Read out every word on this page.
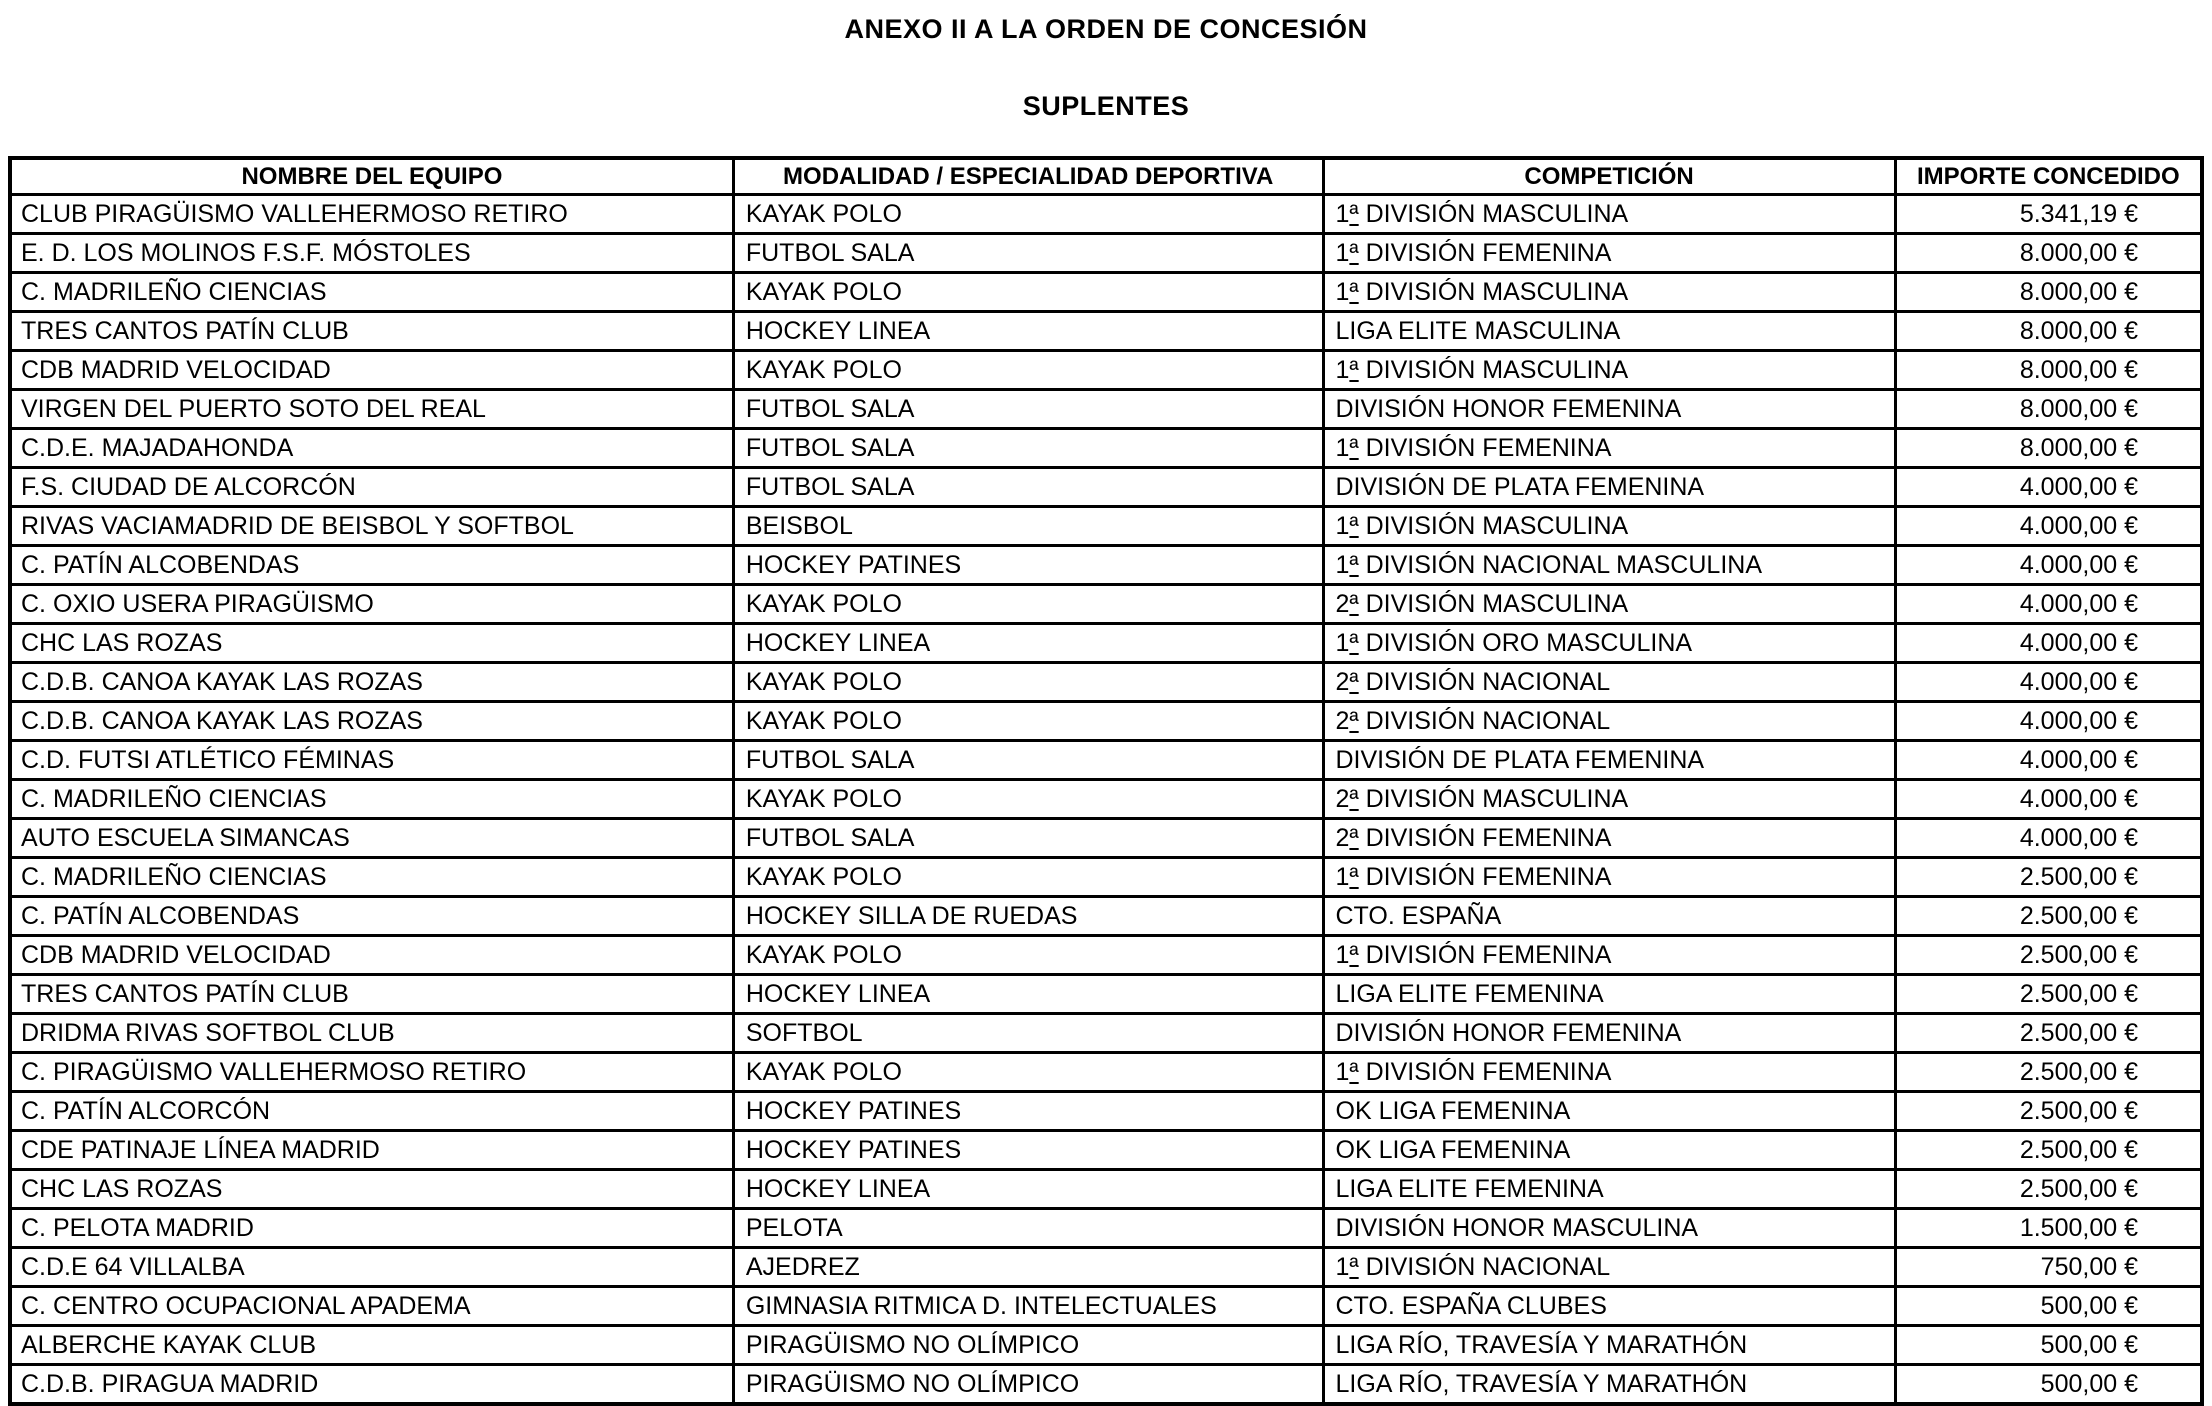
ANEXO II A LA ORDEN DE CONCESIÓN
SUPLENTES
NOMBRE DEL EQUIPO	MODALIDAD / ESPECIALIDAD DEPORTIVA	COMPETICIÓN	IMPORTE CONCEDIDO
CLUB PIRAGÜISMO VALLEHERMOSO RETIRO	KAYAK POLO	1ª DIVISIÓN MASCULINA	5.341,19 €
E. D. LOS MOLINOS F.S.F. MÓSTOLES	FUTBOL SALA	1ª DIVISIÓN FEMENINA	8.000,00 €
C. MADRILEÑO CIENCIAS	KAYAK POLO	1ª DIVISIÓN MASCULINA	8.000,00 €
TRES CANTOS PATÍN CLUB	HOCKEY LINEA	LIGA ELITE MASCULINA	8.000,00 €
CDB MADRID VELOCIDAD	KAYAK POLO	1ª DIVISIÓN MASCULINA	8.000,00 €
VIRGEN DEL PUERTO SOTO DEL REAL	FUTBOL SALA	DIVISIÓN HONOR FEMENINA	8.000,00 €
C.D.E. MAJADAHONDA	FUTBOL SALA	1ª DIVISIÓN FEMENINA	8.000,00 €
F.S. CIUDAD DE ALCORCÓN	FUTBOL SALA	DIVISIÓN DE PLATA FEMENINA	4.000,00 €
RIVAS VACIAMADRID DE BEISBOL Y SOFTBOL	BEISBOL	1ª DIVISIÓN MASCULINA	4.000,00 €
C. PATÍN ALCOBENDAS	HOCKEY PATINES	1ª DIVISIÓN NACIONAL MASCULINA	4.000,00 €
C. OXIO USERA PIRAGÜISMO	KAYAK POLO	2ª DIVISIÓN MASCULINA	4.000,00 €
CHC LAS ROZAS	HOCKEY LINEA	1ª DIVISIÓN ORO MASCULINA	4.000,00 €
C.D.B. CANOA KAYAK LAS ROZAS	KAYAK POLO	2ª DIVISIÓN NACIONAL	4.000,00 €
C.D.B. CANOA KAYAK LAS ROZAS	KAYAK POLO	2ª DIVISIÓN NACIONAL	4.000,00 €
C.D. FUTSI ATLÉTICO FÉMINAS	FUTBOL SALA	DIVISIÓN DE PLATA FEMENINA	4.000,00 €
C. MADRILEÑO CIENCIAS	KAYAK POLO	2ª DIVISIÓN MASCULINA	4.000,00 €
AUTO ESCUELA SIMANCAS	FUTBOL SALA	2ª DIVISIÓN FEMENINA	4.000,00 €
C. MADRILEÑO CIENCIAS	KAYAK POLO	1ª DIVISIÓN FEMENINA	2.500,00 €
C. PATÍN ALCOBENDAS	HOCKEY SILLA DE RUEDAS	CTO. ESPAÑA	2.500,00 €
CDB MADRID VELOCIDAD	KAYAK POLO	1ª DIVISIÓN FEMENINA	2.500,00 €
TRES CANTOS PATÍN CLUB	HOCKEY LINEA	LIGA ELITE FEMENINA	2.500,00 €
DRIDMA RIVAS SOFTBOL CLUB	SOFTBOL	DIVISIÓN HONOR FEMENINA	2.500,00 €
C. PIRAGÜISMO VALLEHERMOSO RETIRO	KAYAK POLO	1ª DIVISIÓN FEMENINA	2.500,00 €
C. PATÍN ALCORCÓN	HOCKEY PATINES	OK LIGA FEMENINA	2.500,00 €
CDE PATINAJE LÍNEA MADRID	HOCKEY PATINES	OK LIGA FEMENINA	2.500,00 €
CHC LAS ROZAS	HOCKEY LINEA	LIGA ELITE FEMENINA	2.500,00 €
C. PELOTA MADRID	PELOTA	DIVISIÓN HONOR MASCULINA	1.500,00 €
C.D.E 64 VILLALBA	AJEDREZ	1ª DIVISIÓN NACIONAL	750,00 €
C. CENTRO OCUPACIONAL APADEMA	GIMNASIA RITMICA D. INTELECTUALES	CTO. ESPAÑA CLUBES	500,00 €
ALBERCHE KAYAK CLUB	PIRAGÜISMO NO OLÍMPICO	LIGA RÍO, TRAVESÍA Y MARATHÓN	500,00 €
C.D.B. PIRAGUA MADRID	PIRAGÜISMO NO OLÍMPICO	LIGA RÍO, TRAVESÍA Y MARATHÓN	500,00 €
